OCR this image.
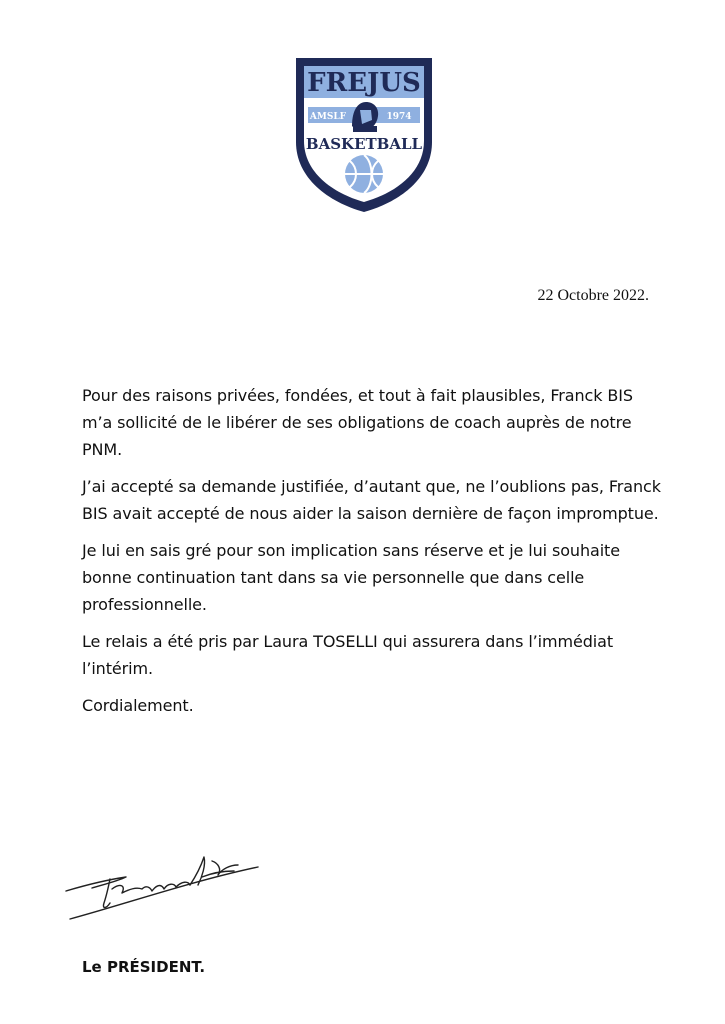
FREJUS
AMSLF	1974
BASKETBALL
22 Octobre 2022.

Pour des raisons privées, fondées, et tout à fait plausibles, Franck BIS m’a sollicité de le libérer de ses obligations de coach auprès de notre PNM.

J’ai accepté sa demande justifiée, d’autant que, ne l’oublions pas, Franck BIS avait accepté de nous aider la saison dernière de façon impromptue.

Je lui en sais gré pour son implication sans réserve et je lui souhaite bonne continuation tant dans sa vie personnelle que dans celle professionnelle.

Le relais a été pris par Laura TOSELLI qui assurera dans l’immédiat l’intérim.

Cordialement.

Le PRÉSIDENT.
